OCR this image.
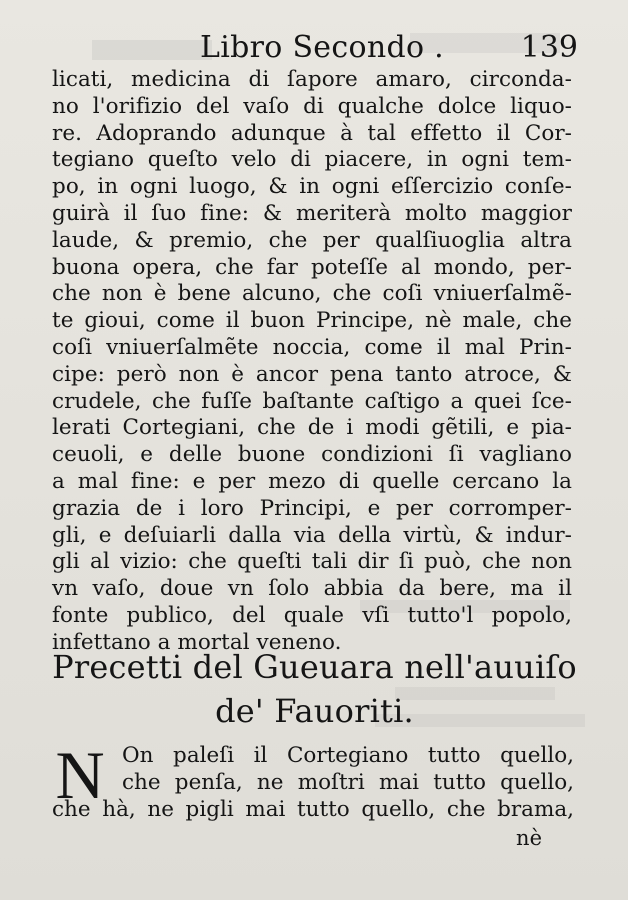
Libro Secondo .	139
licati, medicina di ſapore amaro, circonda-
no l'orifizio del vaſo di qualche dolce liquo-
re. Adoprando adunque à tal effetto il Cor-
tegiano queſto velo di piacere, in ogni tem-
po, in ogni luogo, & in ogni eſſercizio conſe-
guirà il ſuo fine: & meriterà molto maggior
laude, & premio, che per qualſiuoglia altra
buona opera, che far poteſſe al mondo, per-
che non è bene alcuno, che coſi vniuerſalmẽ-
te gioui, come il buon Principe, nè male, che
coſi vniuerſalmẽte noccia, come il mal Prin-
cipe: però non è ancor pena tanto atroce, &
crudele, che fuſſe baſtante caſtigo a quei ſce-
lerati Cortegiani, che de i modi gẽtili, e pia-
ceuoli, e delle buone condizioni ſi vagliano
a mal fine: e per mezo di quelle cercano la
grazia de i loro Principi, e per corromper-
gli, e deſuiarli dalla via della virtù, & indur-
gli al vizio: che queſti tali dir ſi può, che non
vn vaſo, doue vn ſolo abbia da bere, ma il
fonte publico, del quale vſi tutto'l popolo,
infettano a mortal veneno.
Precetti del Gueuara nell'auuiſo
de' Fauoriti.
N On paleſi il Cortegiano tutto quello,
che penſa, ne moſtri mai tutto quello,
che hà, ne pigli mai tutto quello, che brama,
nè
